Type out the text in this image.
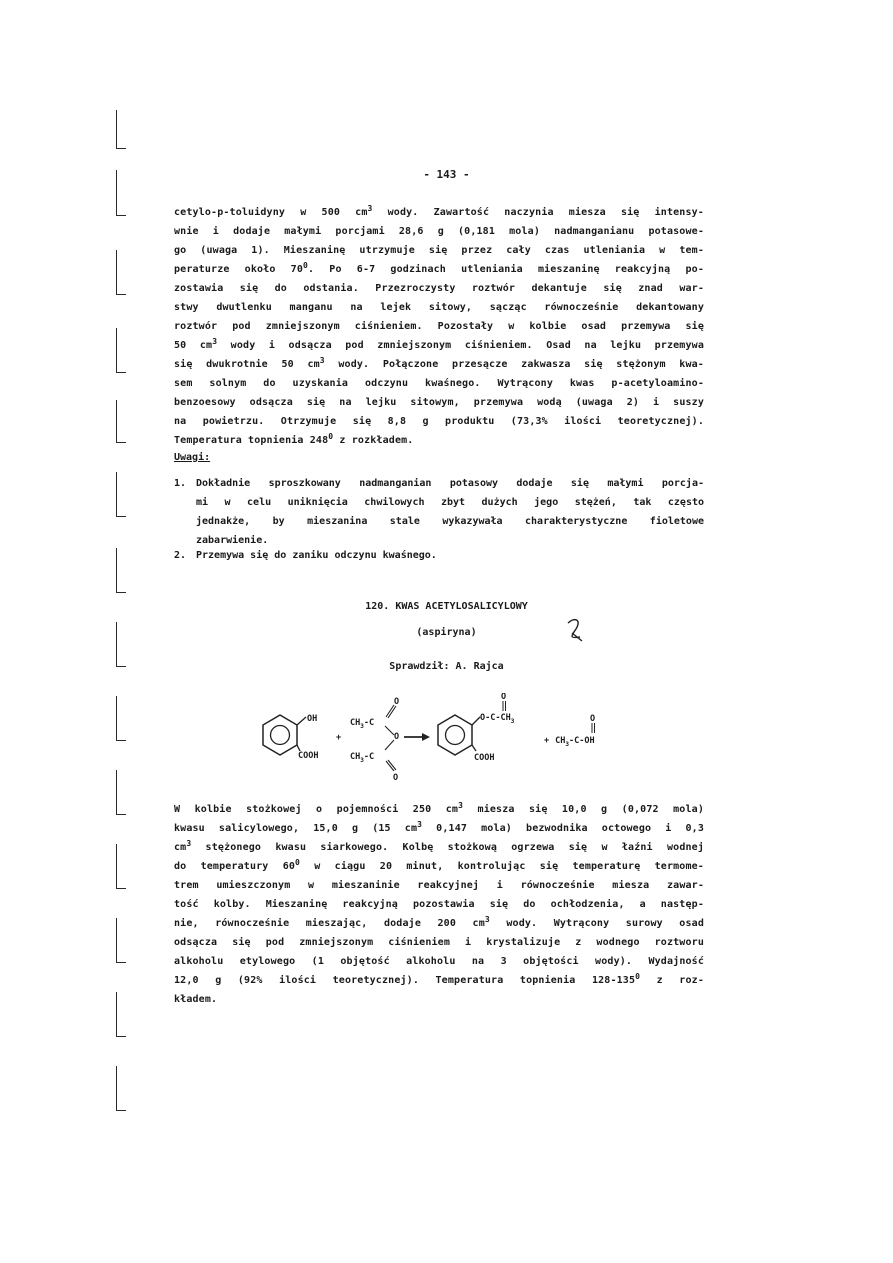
- 143 -
cetylo-p-toluidyny w 500 $cm^3$ wody. Zawartość naczynia miesza się intensy-
wnie i dodaje małymi porcjami 28,6 g (0,181 mola) nadmanganianu potasowe-
go (uwaga 1). Mieszaninę utrzymuje się przez cały czas utleniania w tem-
peraturze około $70^0$. Po 6-7 godzinach utleniania mieszaninę reakcyjną po-
zostawia się do odstania. Przezroczysty roztwór dekantuje się znad war-
stwy dwutlenku manganu na lejek sitowy, sącząc równocześnie dekantowany
roztwór pod zmniejszonym ciśnieniem. Pozostały w kolbie osad przemywa się
50 $cm^3$ wody i odsącza pod zmniejszonym ciśnieniem. Osad na lejku przemywa
się dwukrotnie 50 $cm^3$ wody. Połączone przesącze zakwasza się stężonym kwa-
sem solnym do uzyskania odczynu kwaśnego. Wytrącony kwas p-acetyloamino-
benzoesowy odsącza się na lejku sitowym, przemywa wodą (uwaga 2) i suszy
na powietrzu. Otrzymuje się 8,8 g produktu (73,3% ilości teoretycznej).
Temperatura topnienia $248^0$ z rozkładem.
Uwagi:
1. Dokładnie sproszkowany nadmanganian potasowy dodaje się małymi porcja-
mi w celu uniknięcia chwilowych zbyt dużych jego stężeń, tak często
jednakże, by mieszanina stale wykazywała charakterystyczne fioletowe
zabarwienie.
2. Przemywa się do zaniku odczynu kwaśnego.
120. KWAS ACETYLOSALICYLOWY
(aspiryna)
Sprawdził: A. Rajca
OH
COOH
+
$CH_3-C$
O
O
$CH_3-C$
O
$O-C-CH_3$
O
COOH
+ $CH_3-C-OH$
O
W kolbie stożkowej o pojemności 250 $cm^3$ miesza się 10,0 g (0,072 mola)
kwasu salicylowego, 15,0 g (15 $cm^3$ 0,147 mola) bezwodnika octowego i 0,3
$cm^3$ stężonego kwasu siarkowego. Kolbę stożkową ogrzewa się w łaźni wodnej
do temperatury $60^0$ w ciągu 20 minut, kontrolując się temperaturę termome-
trem umieszczonym w mieszaninie reakcyjnej i równocześnie miesza zawar-
tość kolby. Mieszaninę reakcyjną pozostawia się do ochłodzenia, a następ-
nie, równocześnie mieszając, dodaje 200 $cm^3$ wody. Wytrącony surowy osad
odsącza się pod zmniejszonym ciśnieniem i krystalizuje z wodnego roztworu
alkoholu etylowego (1 objętość alkoholu na 3 objętości wody). Wydajność
12,0 g (92% ilości teoretycznej). Temperatura topnienia $128-135^0$ z roz-
kładem.
